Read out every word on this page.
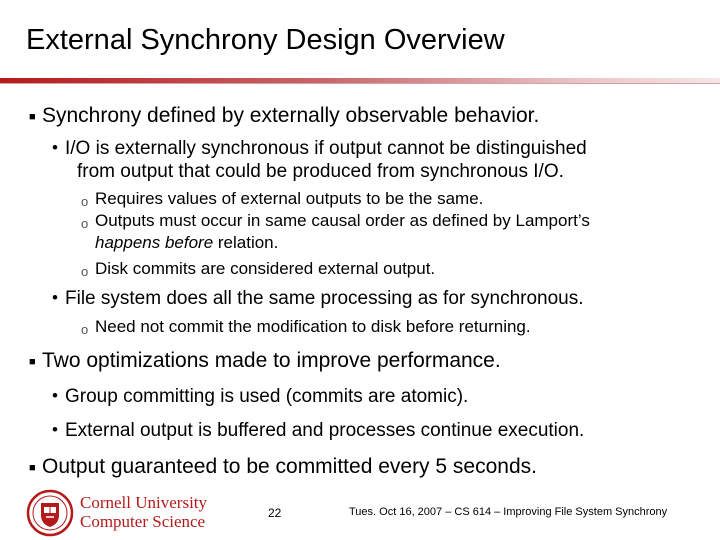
External Synchrony Design Overview
■ Synchrony defined by externally observable behavior.
• I/O is externally synchronous if output cannot be distinguished
from output that could be produced from synchronous I/O.
o Requires values of external outputs to be the same.
o Outputs must occur in same causal order as defined by Lamport’s
happens before relation.
o Disk commits are considered external output.
• File system does all the same processing as for synchronous.
o Need not commit the modification to disk before returning.
■ Two optimizations made to improve performance.
• Group committing is used (commits are atomic).
• External output is buffered and processes continue execution.
■ Output guaranteed to be committed every 5 seconds.
Cornell University
Computer Science	22	Tues. Oct 16, 2007 – CS 614 – Improving File System Synchrony
